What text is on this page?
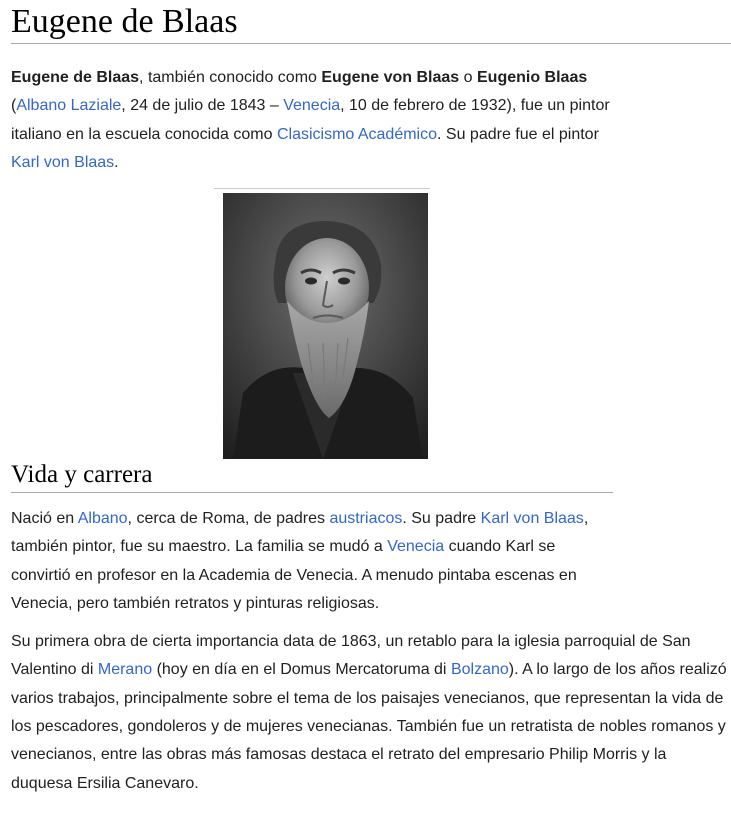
Eugene de Blaas

Eugene de Blaas, también conocido como Eugene von Blaas o Eugenio Blaas (Albano Laziale, 24 de julio de 1843 – Venecia, 10 de febrero de 1932), fue un pintor italiano en la escuela conocida como Clasicismo Académico. Su padre fue el pintor Karl von Blaas.

Vida y carrera

Nació en Albano, cerca de Roma, de padres austriacos. Su padre Karl von Blaas, también pintor, fue su maestro. La familia se mudó a Venecia cuando Karl se convirtió en profesor en la Academia de Venecia. A menudo pintaba escenas en Venecia, pero también retratos y pinturas religiosas.

Su primera obra de cierta importancia data de 1863, un retablo para la iglesia parroquial de San Valentino di Merano (hoy en día en el Domus Mercatoruma di Bolzano). A lo largo de los años realizó varios trabajos, principalmente sobre el tema de los paisajes venecianos, que representan la vida de los pescadores, gondoleros y de mujeres venecianas. También fue un retratista de nobles romanos y venecianos, entre las obras más famosas destaca el retrato del empresario Philip Morris y la duquesa Ersilia Canevaro.
